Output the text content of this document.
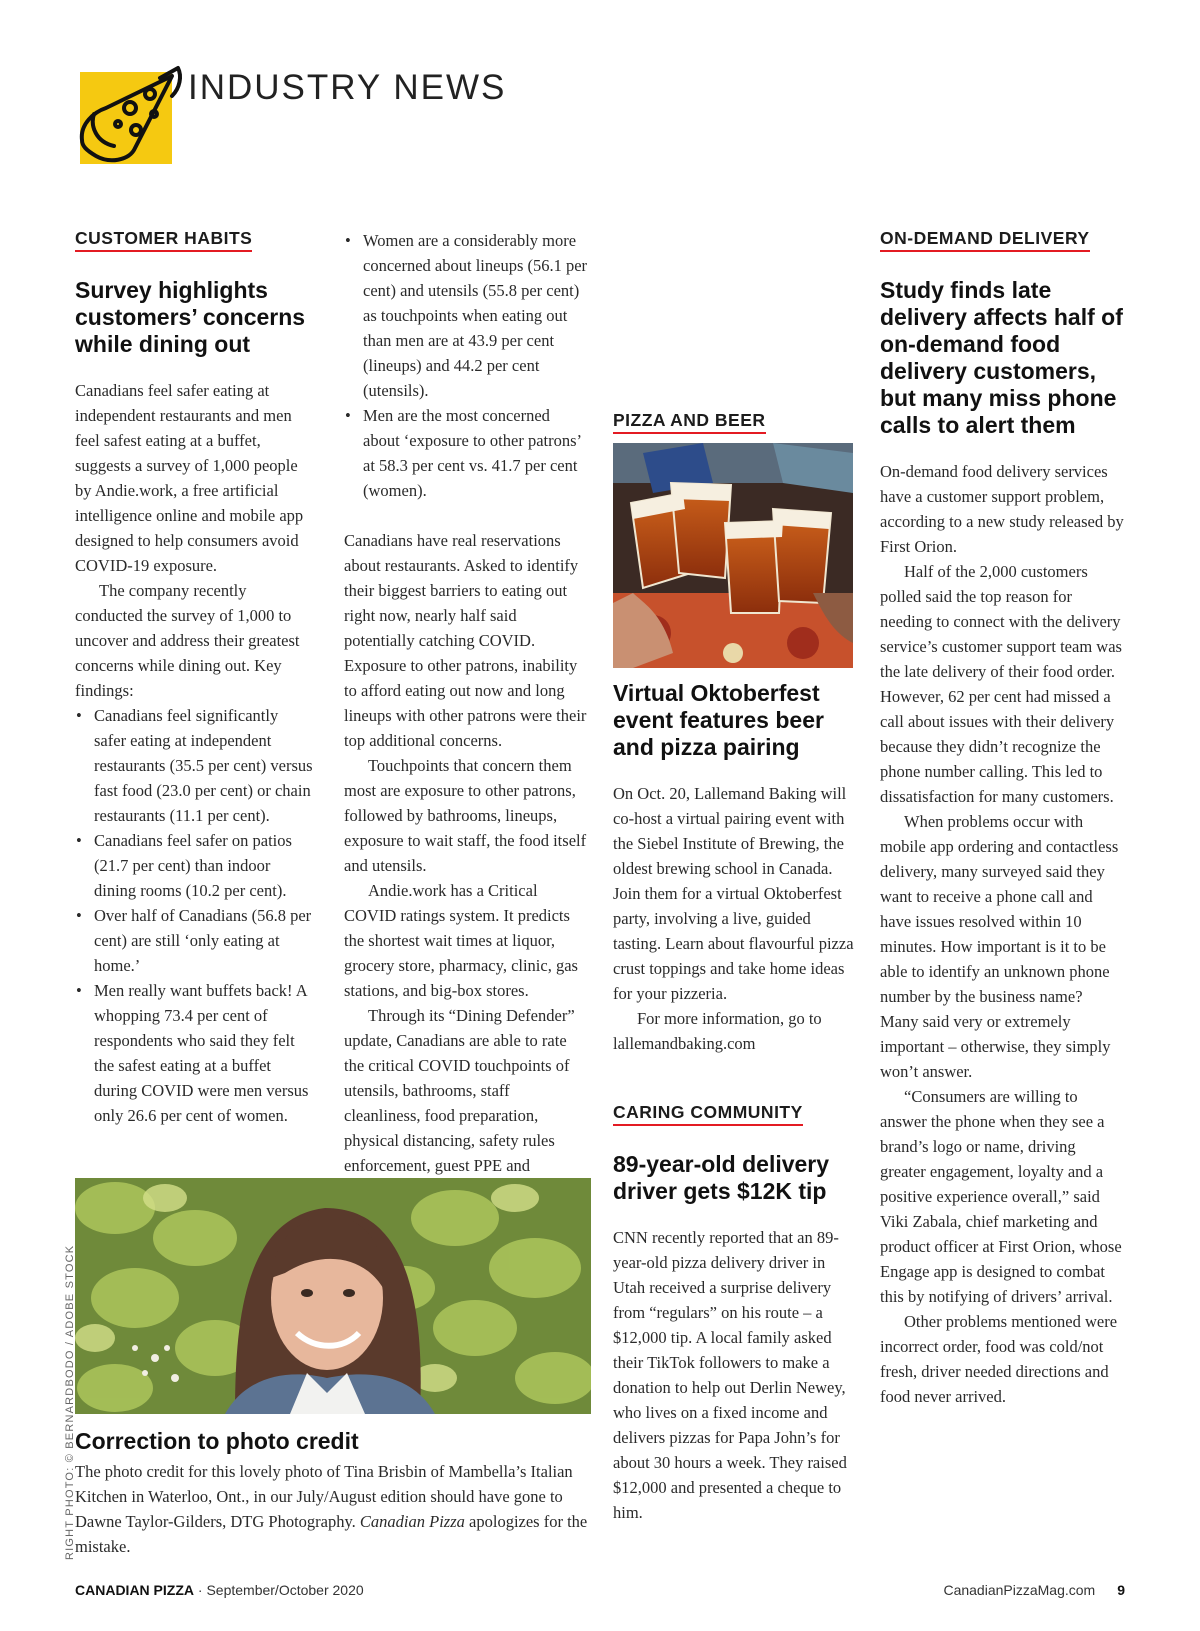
INDUSTRY NEWS
CUSTOMER HABITS
Survey highlights customers’ concerns while dining out

Canadians feel safer eating at independent restaurants and men feel safest eating at a buffet, suggests a survey of 1,000 people by Andie.work, a free artificial intelligence online and mobile app designed to help consumers avoid COVID-19 exposure.

The company recently conducted the survey of 1,000 to uncover and address their greatest concerns while dining out. Key findings:

• Canadians feel significantly safer eating at independent restaurants (35.5 per cent) versus fast food (23.0 per cent) or chain restaurants (11.1 per cent).
• Canadians feel safer on patios (21.7 per cent) than indoor dining rooms (10.2 per cent).
• Over half of Canadians (56.8 per cent) are still ‘only eating at home.’
• Men really want buffets back! A whopping 73.4 per cent of respondents who said they felt the safest eating at a buffet during COVID were men versus only 26.6 per cent of women.
• Women are a considerably more concerned about lineups (56.1 per cent) and utensils (55.8 per cent) as touchpoints when eating out than men are at 43.9 per cent (lineups) and 44.2 per cent (utensils).
• Men are the most concerned about ‘exposure to other patrons’ at 58.3 per cent vs. 41.7 per cent (women).

Canadians have real reservations about restaurants. Asked to identify their biggest barriers to eating out right now, nearly half said potentially catching COVID. Exposure to other patrons, inability to afford eating out now and long lineups with other patrons were their top additional concerns.

Touchpoints that concern them most are exposure to other patrons, followed by bathrooms, lineups, exposure to wait staff, the food itself and utensils.

Andie.work has a Critical COVID ratings system. It predicts the shortest wait times at liquor, grocery store, pharmacy, clinic, gas stations, and big-box stores.

Through its “Dining Defender” update, Canadians are able to rate the critical COVID touchpoints of utensils, bathrooms, staff cleanliness, food preparation, physical distancing, safety rules enforcement, guest PPE and

PIZZA AND BEER
Virtual Oktoberfest event features beer and pizza pairing

On Oct. 20, Lallemand Baking will co-host a virtual pairing event with the Siebel Institute of Brewing, the oldest brewing school in Canada. Join them for a virtual Oktoberfest party, involving a live, guided tasting. Learn about flavourful pizza crust toppings and take home ideas for your pizzeria.

For more information, go to lallemandbaking.com

CARING COMMUNITY
89-year-old delivery driver gets $12K tip

CNN recently reported that an 89-year-old pizza delivery driver in Utah received a surprise delivery from “regulars” on his route – a $12,000 tip. A local family asked their TikTok followers to make a donation to help out Derlin Newey, who lives on a fixed income and delivers pizzas for Papa John’s for about 30 hours a week. They raised $12,000 and presented a cheque to him.

ON-DEMAND DELIVERY
Study finds late delivery affects half of on-demand food delivery customers, but many miss phone calls to alert them

On-demand food delivery services have a customer support problem, according to a new study released by First Orion.

Half of the 2,000 customers polled said the top reason for needing to connect with the delivery service’s customer support team was the late delivery of their food order. However, 62 per cent had missed a call about issues with their delivery because they didn’t recognize the phone number calling. This led to dissatisfaction for many customers.

When problems occur with mobile app ordering and contactless delivery, many surveyed said they want to receive a phone call and have issues resolved within 10 minutes. How important is it to be able to identify an unknown phone number by the business name? Many said very or extremely important – otherwise, they simply won’t answer.

“Consumers are willing to answer the phone when they see a brand’s logo or name, driving greater engagement, loyalty and a positive experience overall,” said Viki Zabala, chief marketing and product officer at First Orion, whose Engage app is designed to combat this by notifying of drivers’ arrival.

Other problems mentioned were incorrect order, food was cold/not fresh, driver needed directions and food never arrived.

Correction to photo credit
The photo credit for this lovely photo of Tina Brisbin of Mambella’s Italian Kitchen in Waterloo, Ont., in our July/August edition should have gone to Dawne Taylor-Gilders, DTG Photography. Canadian Pizza apologizes for the mistake.
RIGHT PHOTO: © BERNARDBODO / ADOBE STOCK
CANADIAN PIZZA · September/October 2020	CanadianPizzaMag.com 9
